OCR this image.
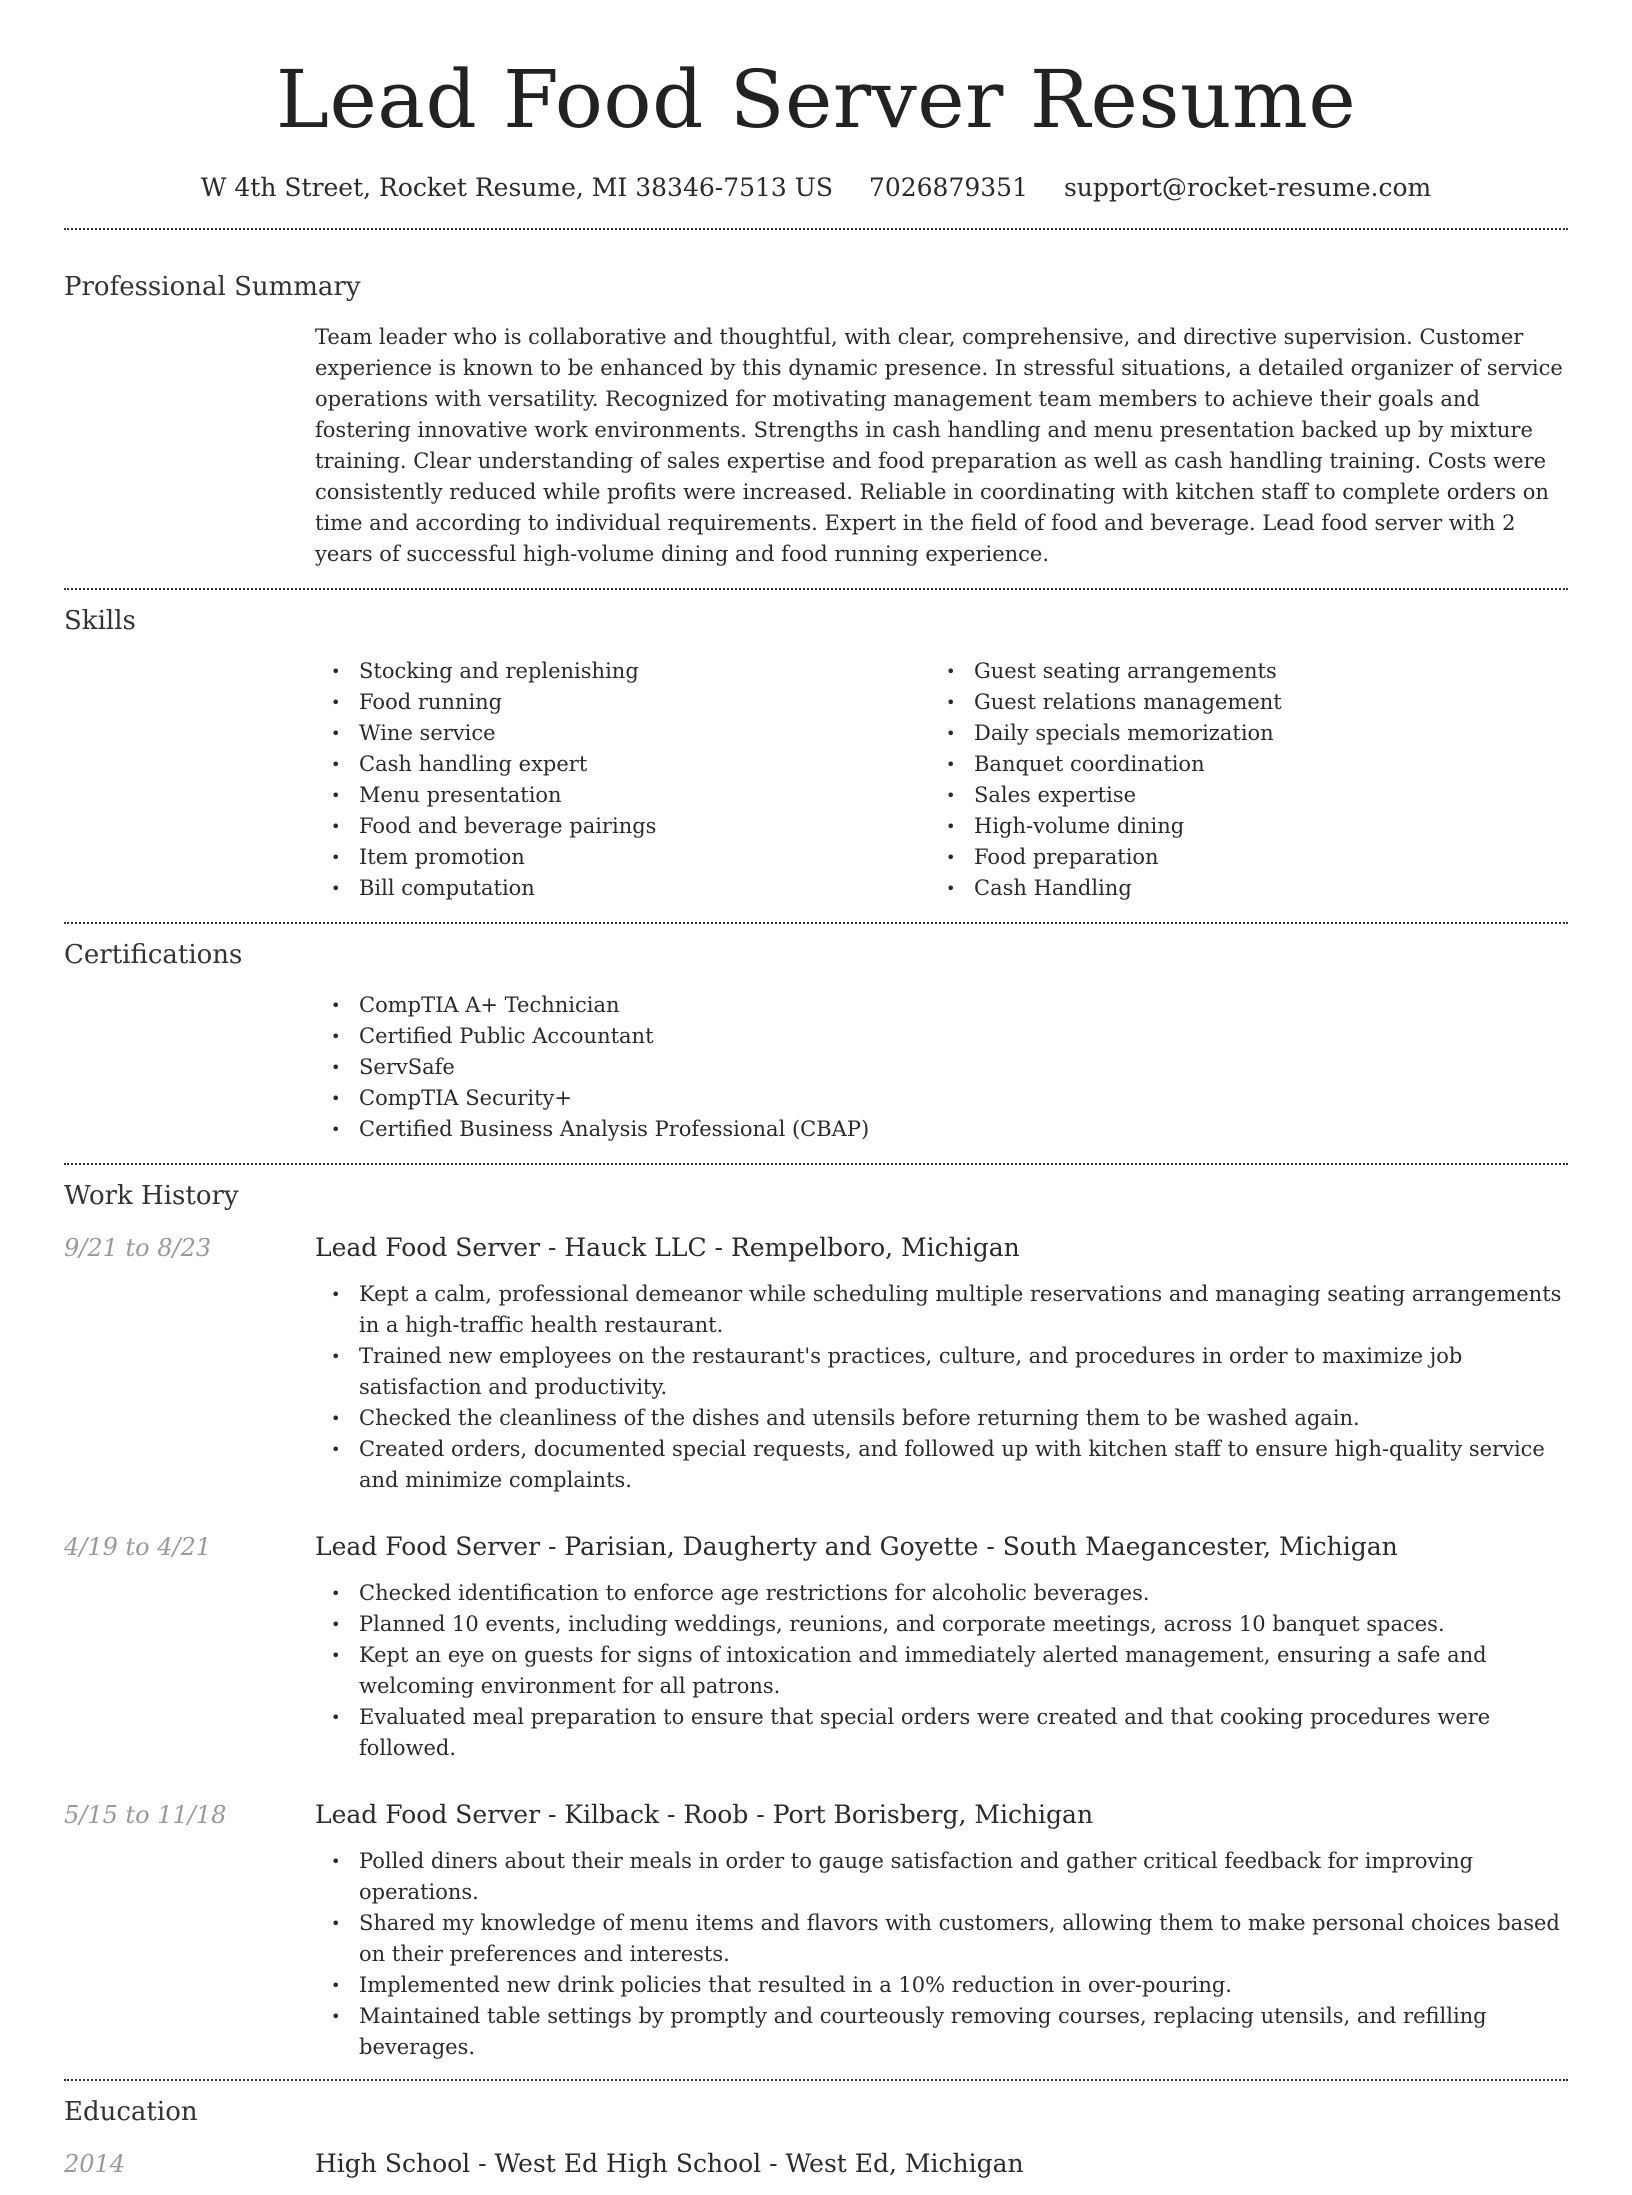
Lead Food Server Resume
W 4th Street, Rocket Resume, MI 38346-7513 US 7026879351 support@rocket-resume.com
Professional Summary
Team leader who is collaborative and thoughtful, with clear, comprehensive, and directive supervision. Customer experience is known to be enhanced by this dynamic presence. In stressful situations, a detailed organizer of service operations with versatility. Recognized for motivating management team members to achieve their goals and fostering innovative work environments. Strengths in cash handling and menu presentation backed up by mixture training. Clear understanding of sales expertise and food preparation as well as cash handling training. Costs were consistently reduced while profits were increased. Reliable in coordinating with kitchen staff to complete orders on time and according to individual requirements. Expert in the field of food and beverage. Lead food server with 2 years of successful high-volume dining and food running experience.
Skills
• Stocking and replenishing
• Food running
• Wine service
• Cash handling expert
• Menu presentation
• Food and beverage pairings
• Item promotion
• Bill computation
• Guest seating arrangements
• Guest relations management
• Daily specials memorization
• Banquet coordination
• Sales expertise
• High-volume dining
• Food preparation
• Cash Handling
Certifications
• CompTIA A+ Technician
• Certified Public Accountant
• ServSafe
• CompTIA Security+
• Certified Business Analysis Professional (CBAP)
Work History
9/21 to 8/23	Lead Food Server - Hauck LLC - Rempelboro, Michigan
• Kept a calm, professional demeanor while scheduling multiple reservations and managing seating arrangements in a high-traffic health restaurant.
• Trained new employees on the restaurant's practices, culture, and procedures in order to maximize job satisfaction and productivity.
• Checked the cleanliness of the dishes and utensils before returning them to be washed again.
• Created orders, documented special requests, and followed up with kitchen staff to ensure high-quality service and minimize complaints.
4/19 to 4/21	Lead Food Server - Parisian, Daugherty and Goyette - South Maegancester, Michigan
• Checked identification to enforce age restrictions for alcoholic beverages.
• Planned 10 events, including weddings, reunions, and corporate meetings, across 10 banquet spaces.
• Kept an eye on guests for signs of intoxication and immediately alerted management, ensuring a safe and welcoming environment for all patrons.
• Evaluated meal preparation to ensure that special orders were created and that cooking procedures were followed.
5/15 to 11/18	Lead Food Server - Kilback - Roob - Port Borisberg, Michigan
• Polled diners about their meals in order to gauge satisfaction and gather critical feedback for improving operations.
• Shared my knowledge of menu items and flavors with customers, allowing them to make personal choices based on their preferences and interests.
• Implemented new drink policies that resulted in a 10% reduction in over-pouring.
• Maintained table settings by promptly and courteously removing courses, replacing utensils, and refilling beverages.
Education
2014	High School - West Ed High School - West Ed, Michigan
